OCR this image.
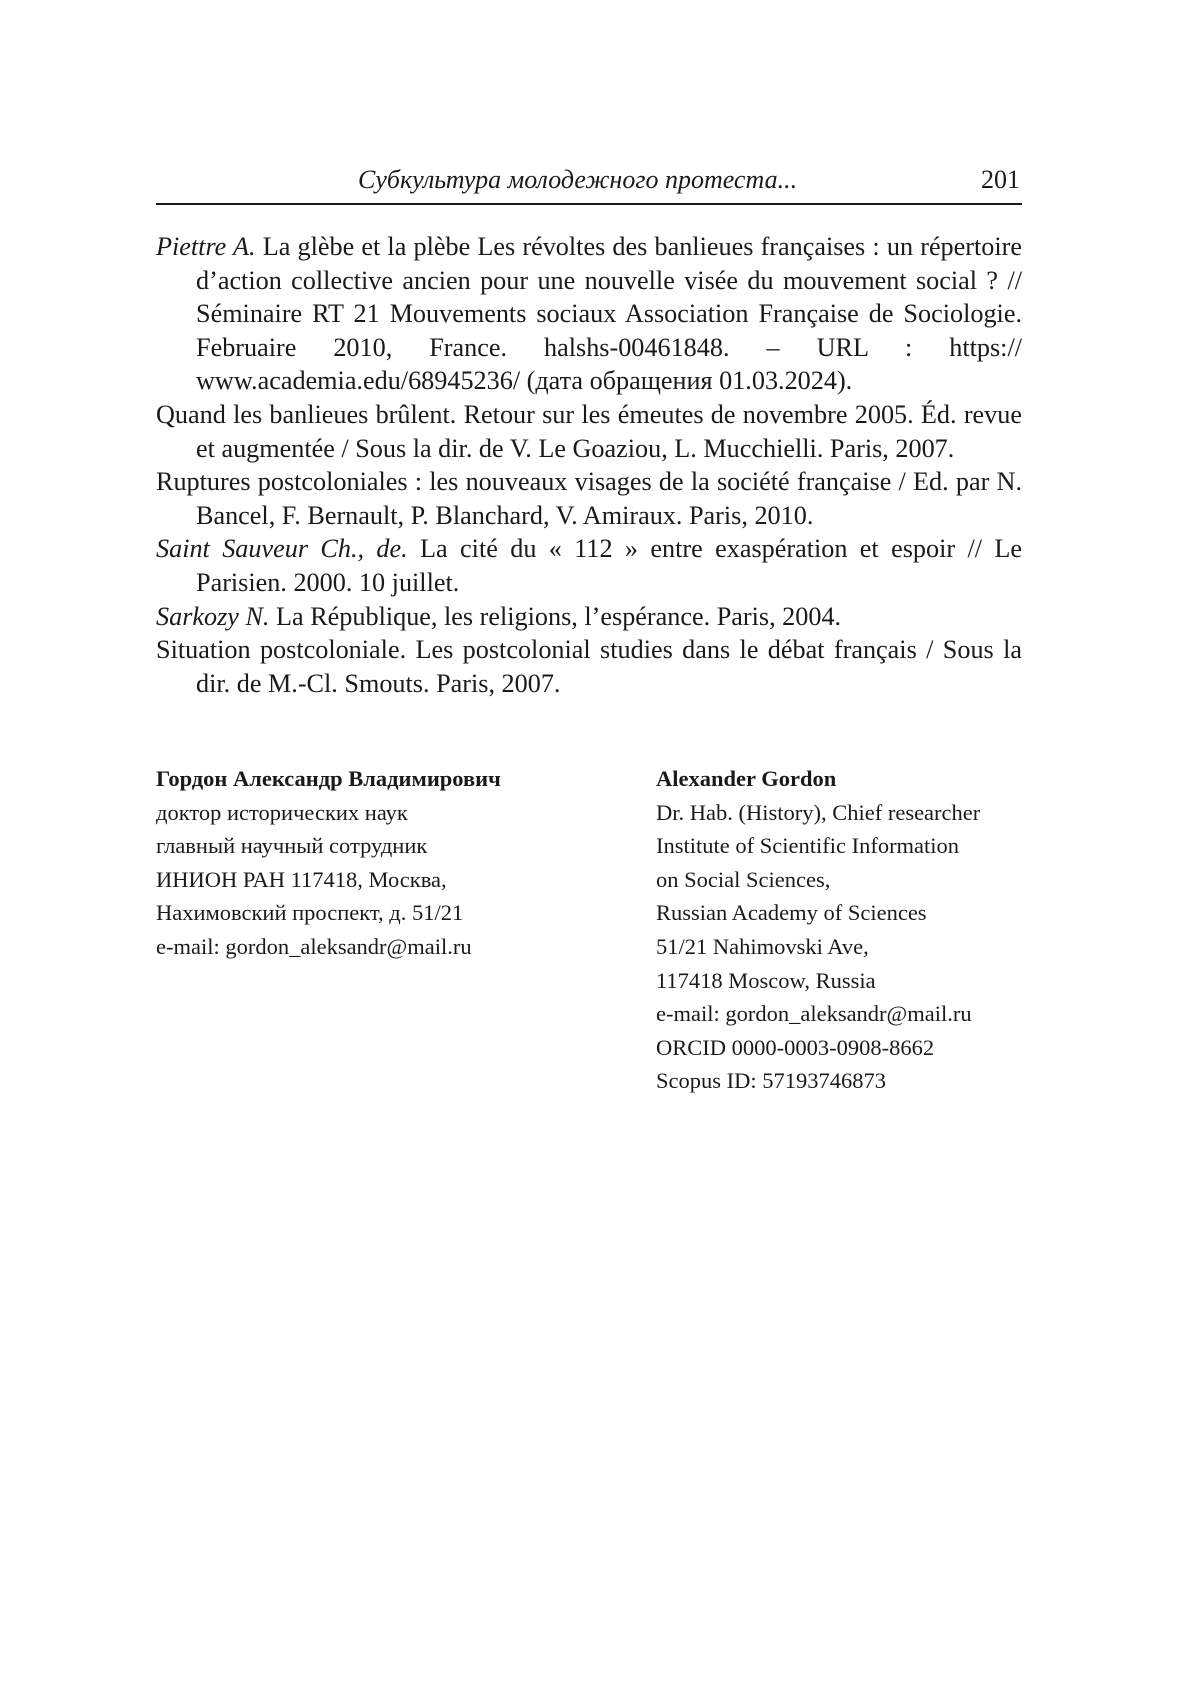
Субкультура молодежного протеста...	201

Piettre A. La glèbe et la plèbe Les révoltes des banlieues françaises : un répertoire d’action collective ancien pour une nouvelle visée du mouvement social ? // Séminaire RT 21 Mouvements sociaux Association Française de Sociologie. Februaire 2010, France. halshs-00461848. – URL : https:// www.academia.edu/68945236/ (дата обращения 01.03.2024).

Quand les banlieues brûlent. Retour sur les émeutes de novembre 2005. Éd. revue et augmentée / Sous la dir. de V. Le Goaziou, L. Mucchielli. Paris, 2007.

Ruptures postcoloniales : les nouveaux visages de la société française / Ed. par N. Bancel, F. Bernault, P. Blanchard, V. Amiraux. Paris, 2010.

Saint Sauveur Ch., de. La cité du « 112 » entre exaspération et espoir // Le Parisien. 2000. 10 juillet.

Sarkozy N. La République, les religions, l’espérance. Paris, 2004.

Situation postcoloniale. Les postcolonial studies dans le débat français / Sous la dir. de M.-Cl. Smouts. Paris, 2007.

Гордон Александр Владимирович
доктор исторических наук
главный научный сотрудник
ИНИОН РАН 117418, Москва,
Нахимовский проспект, д. 51/21
e-mail: gordon_aleksandr@mail.ru
Alexander Gordon
Dr. Hab. (History), Chief researcher
Institute of Scientific Information
on Social Sciences,
Russian Academy of Sciences
51/21 Nahimovski Ave,
117418 Moscow, Russia
e-mail: gordon_aleksandr@mail.ru
ORCID 0000-0003-0908-8662
Scopus ID: 57193746873
